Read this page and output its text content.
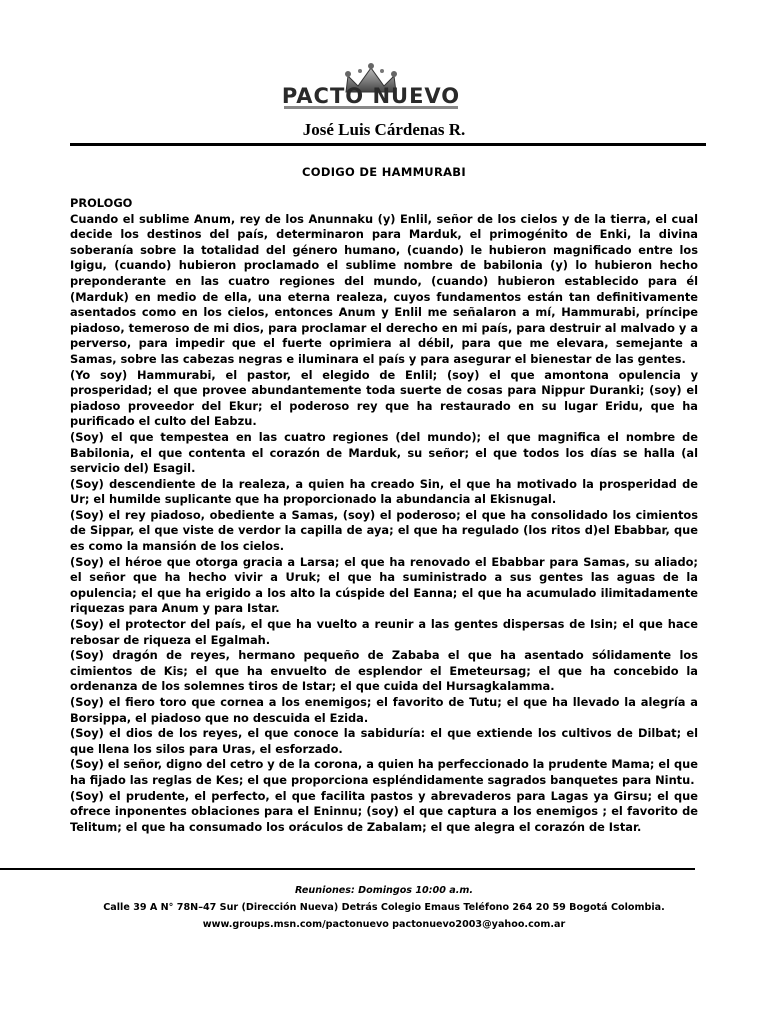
PACTO NUEVO
José Luis Cárdenas R.
CODIGO DE HAMMURABI

PROLOGO

Cuando el sublime Anum, rey de los Anunnaku (y) Enlil, señor de los cielos y de la tierra, el cual decide los destinos del país, determinaron para Marduk, el primogénito de Enki, la divina soberanía sobre la totalidad del género humano, (cuando) le hubieron magnificado entre los Igigu, (cuando) hubieron proclamado el sublime nombre de babilonia (y) lo hubieron hecho preponderante en las cuatro regiones del mundo, (cuando) hubieron establecido para él (Marduk) en medio de ella, una eterna realeza, cuyos fundamentos están tan definitivamente asentados como en los cielos, entonces Anum y Enlil me señalaron a mí, Hammurabi, príncipe piadoso, temeroso de mi dios, para proclamar el derecho en mi país, para destruir al malvado y a perverso, para impedir que el fuerte oprimiera al débil, para que me elevara, semejante a Samas, sobre las cabezas negras e iluminara el país y para asegurar el bienestar de las gentes.

(Yo soy) Hammurabi, el pastor, el elegido de Enlil; (soy) el que amontona opulencia y prosperidad; el que provee abundantemente toda suerte de cosas para Nippur Duranki; (soy) el piadoso proveedor del Ekur; el poderoso rey que ha restaurado en su lugar Eridu, que ha purificado el culto del Eabzu.

(Soy) el que tempestea en las cuatro regiones (del mundo); el que magnifica el nombre de Babilonia, el que contenta el corazón de Marduk, su señor; el que todos los días se halla (al servicio del) Esagil.

(Soy) descendiente de la realeza, a quien ha creado Sin, el que ha motivado la prosperidad de Ur; el humilde suplicante que ha proporcionado la abundancia al Ekisnugal.

(Soy) el rey piadoso, obediente a Samas, (soy) el poderoso; el que ha consolidado los cimientos de Sippar, el que viste de verdor la capilla de aya; el que ha regulado (los ritos d)el Ebabbar, que es como la mansión de los cielos.

(Soy) el héroe que otorga gracia a Larsa; el que ha renovado el Ebabbar para Samas, su aliado; el señor que ha hecho vivir a Uruk; el que ha suministrado a sus gentes las aguas de la opulencia; el que ha erigido a los alto la cúspide del Eanna; el que ha acumulado ilimitadamente riquezas para Anum y para Istar.

(Soy) el protector del país, el que ha vuelto a reunir a las gentes dispersas de Isin; el que hace rebosar de riqueza el Egalmah.

(Soy) dragón de reyes, hermano pequeño de Zababa el que ha asentado sólidamente los cimientos de Kis; el que ha envuelto de esplendor el Emeteursag; el que ha concebido la ordenanza de los solemnes tiros de Istar; el que cuida del Hursagkalamma.

(Soy) el fiero toro que cornea a los enemigos; el favorito de Tutu; el que ha llevado la alegría a Borsippa, el piadoso que no descuida el Ezida.

(Soy) el dios de los reyes, el que conoce la sabiduría: el que extiende los cultivos de Dilbat; el que llena los silos para Uras, el esforzado.

(Soy) el señor, digno del cetro y de la corona, a quien ha perfeccionado la prudente Mama; el que ha fijado las reglas de Kes; el que proporciona espléndidamente sagrados banquetes para Nintu.

(Soy) el prudente, el perfecto, el que facilita pastos y abrevaderos para Lagas ya Girsu; el que ofrece inponentes oblaciones para el Eninnu; (soy) el que captura a los enemigos ; el favorito de Telitum; el que ha consumado los oráculos de Zabalam; el que alegra el corazón de Istar.

Reuniones: Domingos 10:00 a.m.
Calle 39 A N° 78N–47 Sur (Dirección Nueva) Detrás Colegio Emaus Teléfono 264 20 59 Bogotá Colombia.
www.groups.msn.com/pactonuevo pactonuevo2003@yahoo.com.ar
